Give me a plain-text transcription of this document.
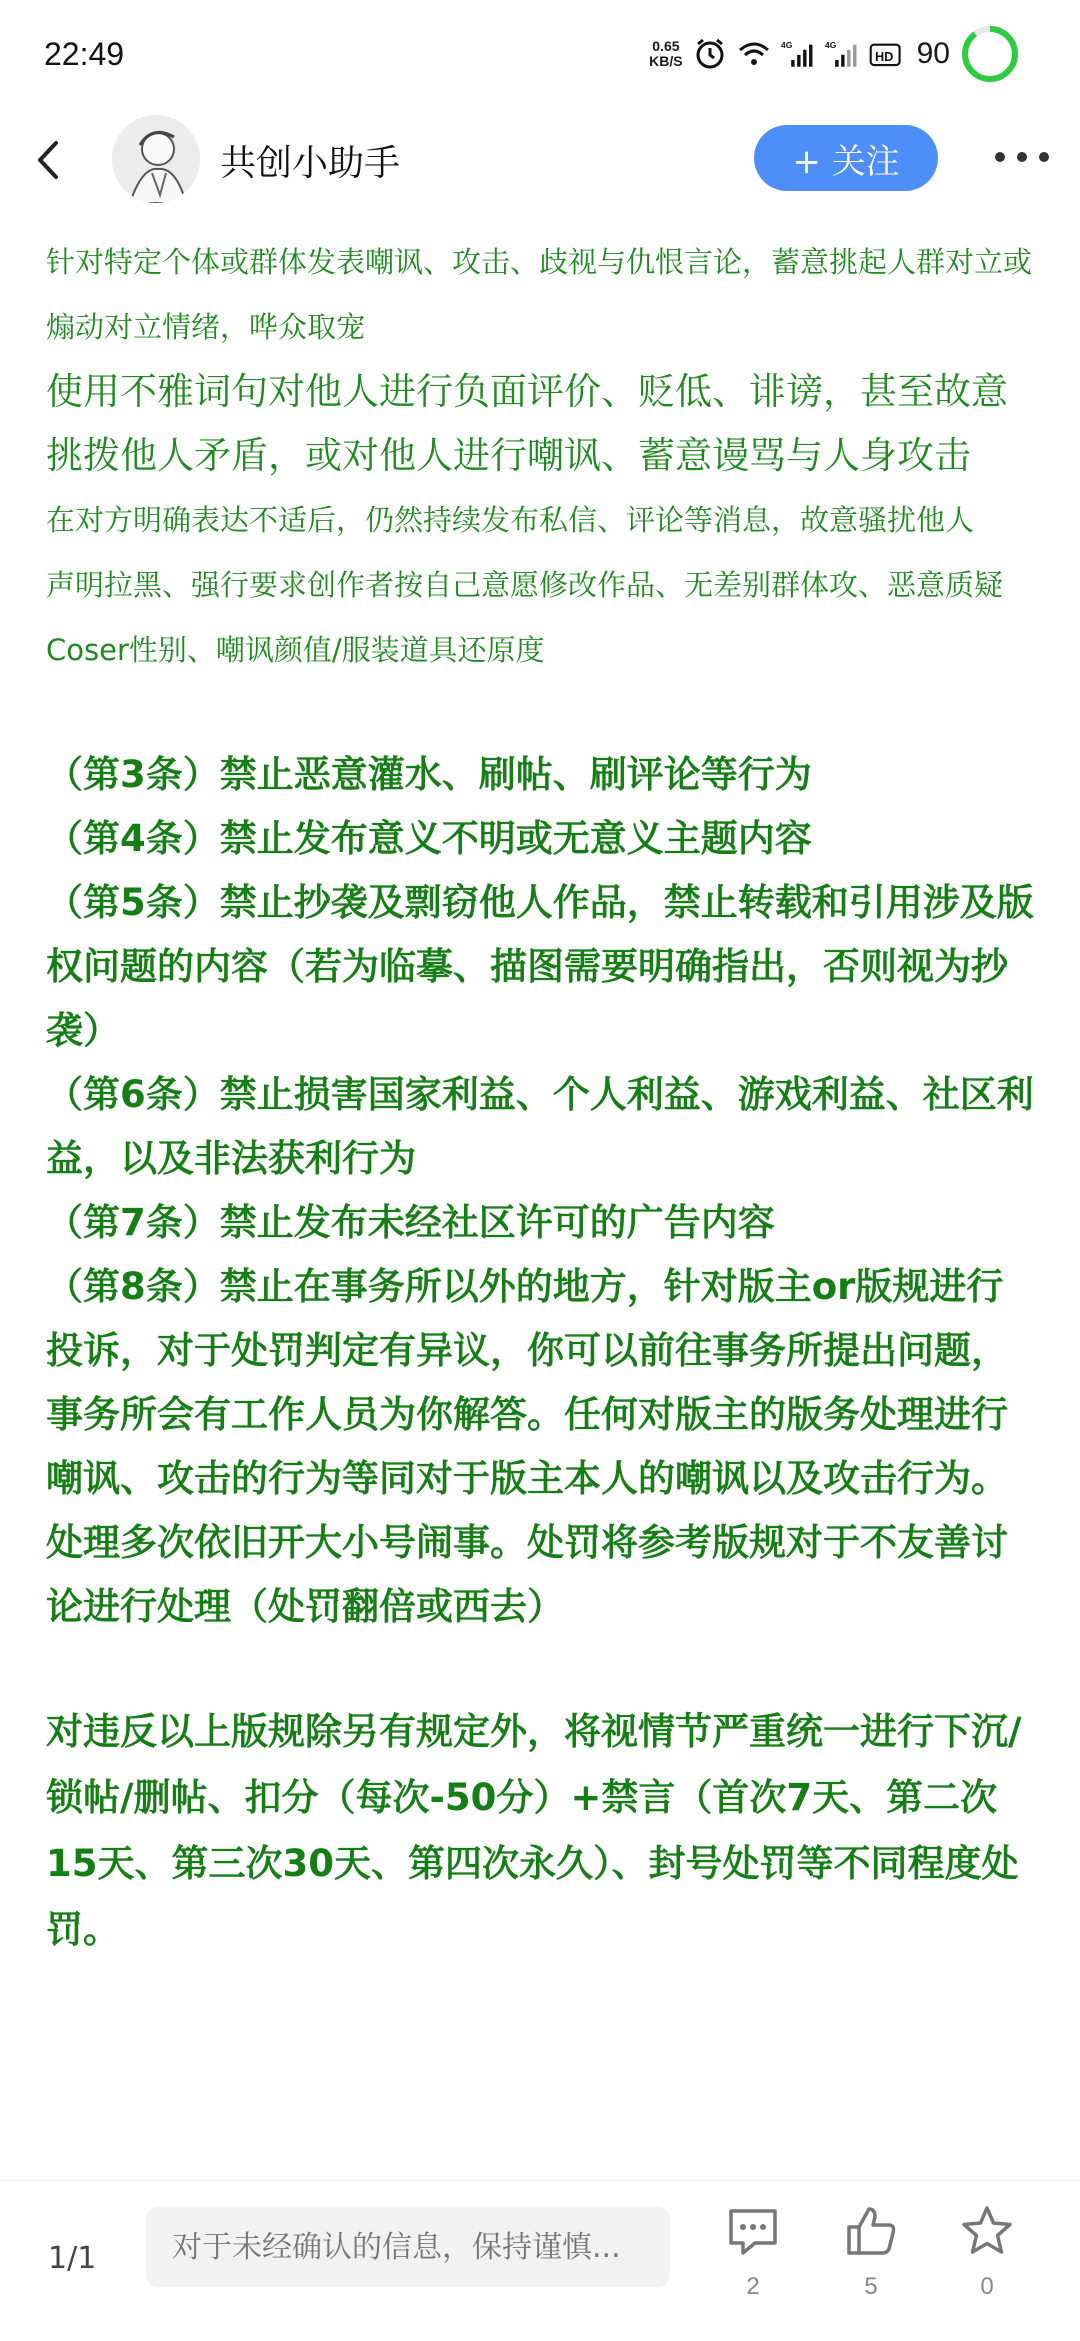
22:49	0.65
KB/S
4G	4G
HD 90
共创小助手	+ 关注

针对特定个体或群体发表嘲讽、攻击、歧视与仇恨言论，蓄意挑起人群对立或煽动对立情绪，哗众取宠

使用不雅词句对他人进行负面评价、贬低、诽谤，甚至故意挑拨他人矛盾，或对他人进行嘲讽、蓄意谩骂与人身攻击

在对方明确表达不适后，仍然持续发布私信、评论等消息，故意骚扰他人

声明拉黑、强行要求创作者按自己意愿修改作品、无差别群体攻、恶意质疑Coser性别、嘲讽颜值/服装道具还原度

（第3条）禁止恶意灌水、刷帖、刷评论等行为

（第4条）禁止发布意义不明或无意义主题内容

（第5条）禁止抄袭及剽窃他人作品，禁止转载和引用涉及版权问题的内容（若为临摹、描图需要明确指出，否则视为抄袭）

（第6条）禁止损害国家利益、个人利益、游戏利益、社区利益，以及非法获利行为

（第7条）禁止发布未经社区许可的广告内容

（第8条）禁止在事务所以外的地方，针对版主or版规进行投诉，对于处罚判定有异议，你可以前往事务所提出问题，事务所会有工作人员为你解答。任何对版主的版务处理进行嘲讽、攻击的行为等同对于版主本人的嘲讽以及攻击行为。处理多次依旧开大小号闹事。处罚将参考版规对于不友善讨论进行处理（处罚翻倍或西去）

对违反以上版规除另有规定外，将视情节严重统一进行下沉/锁帖/删帖、扣分（每次-50分）+禁言（首次7天、第二次15天、第三次30天、第四次永久）、封号处罚等不同程度处罚。

1/1
对于未经确认的信息，保持谨慎...
2	5	0
